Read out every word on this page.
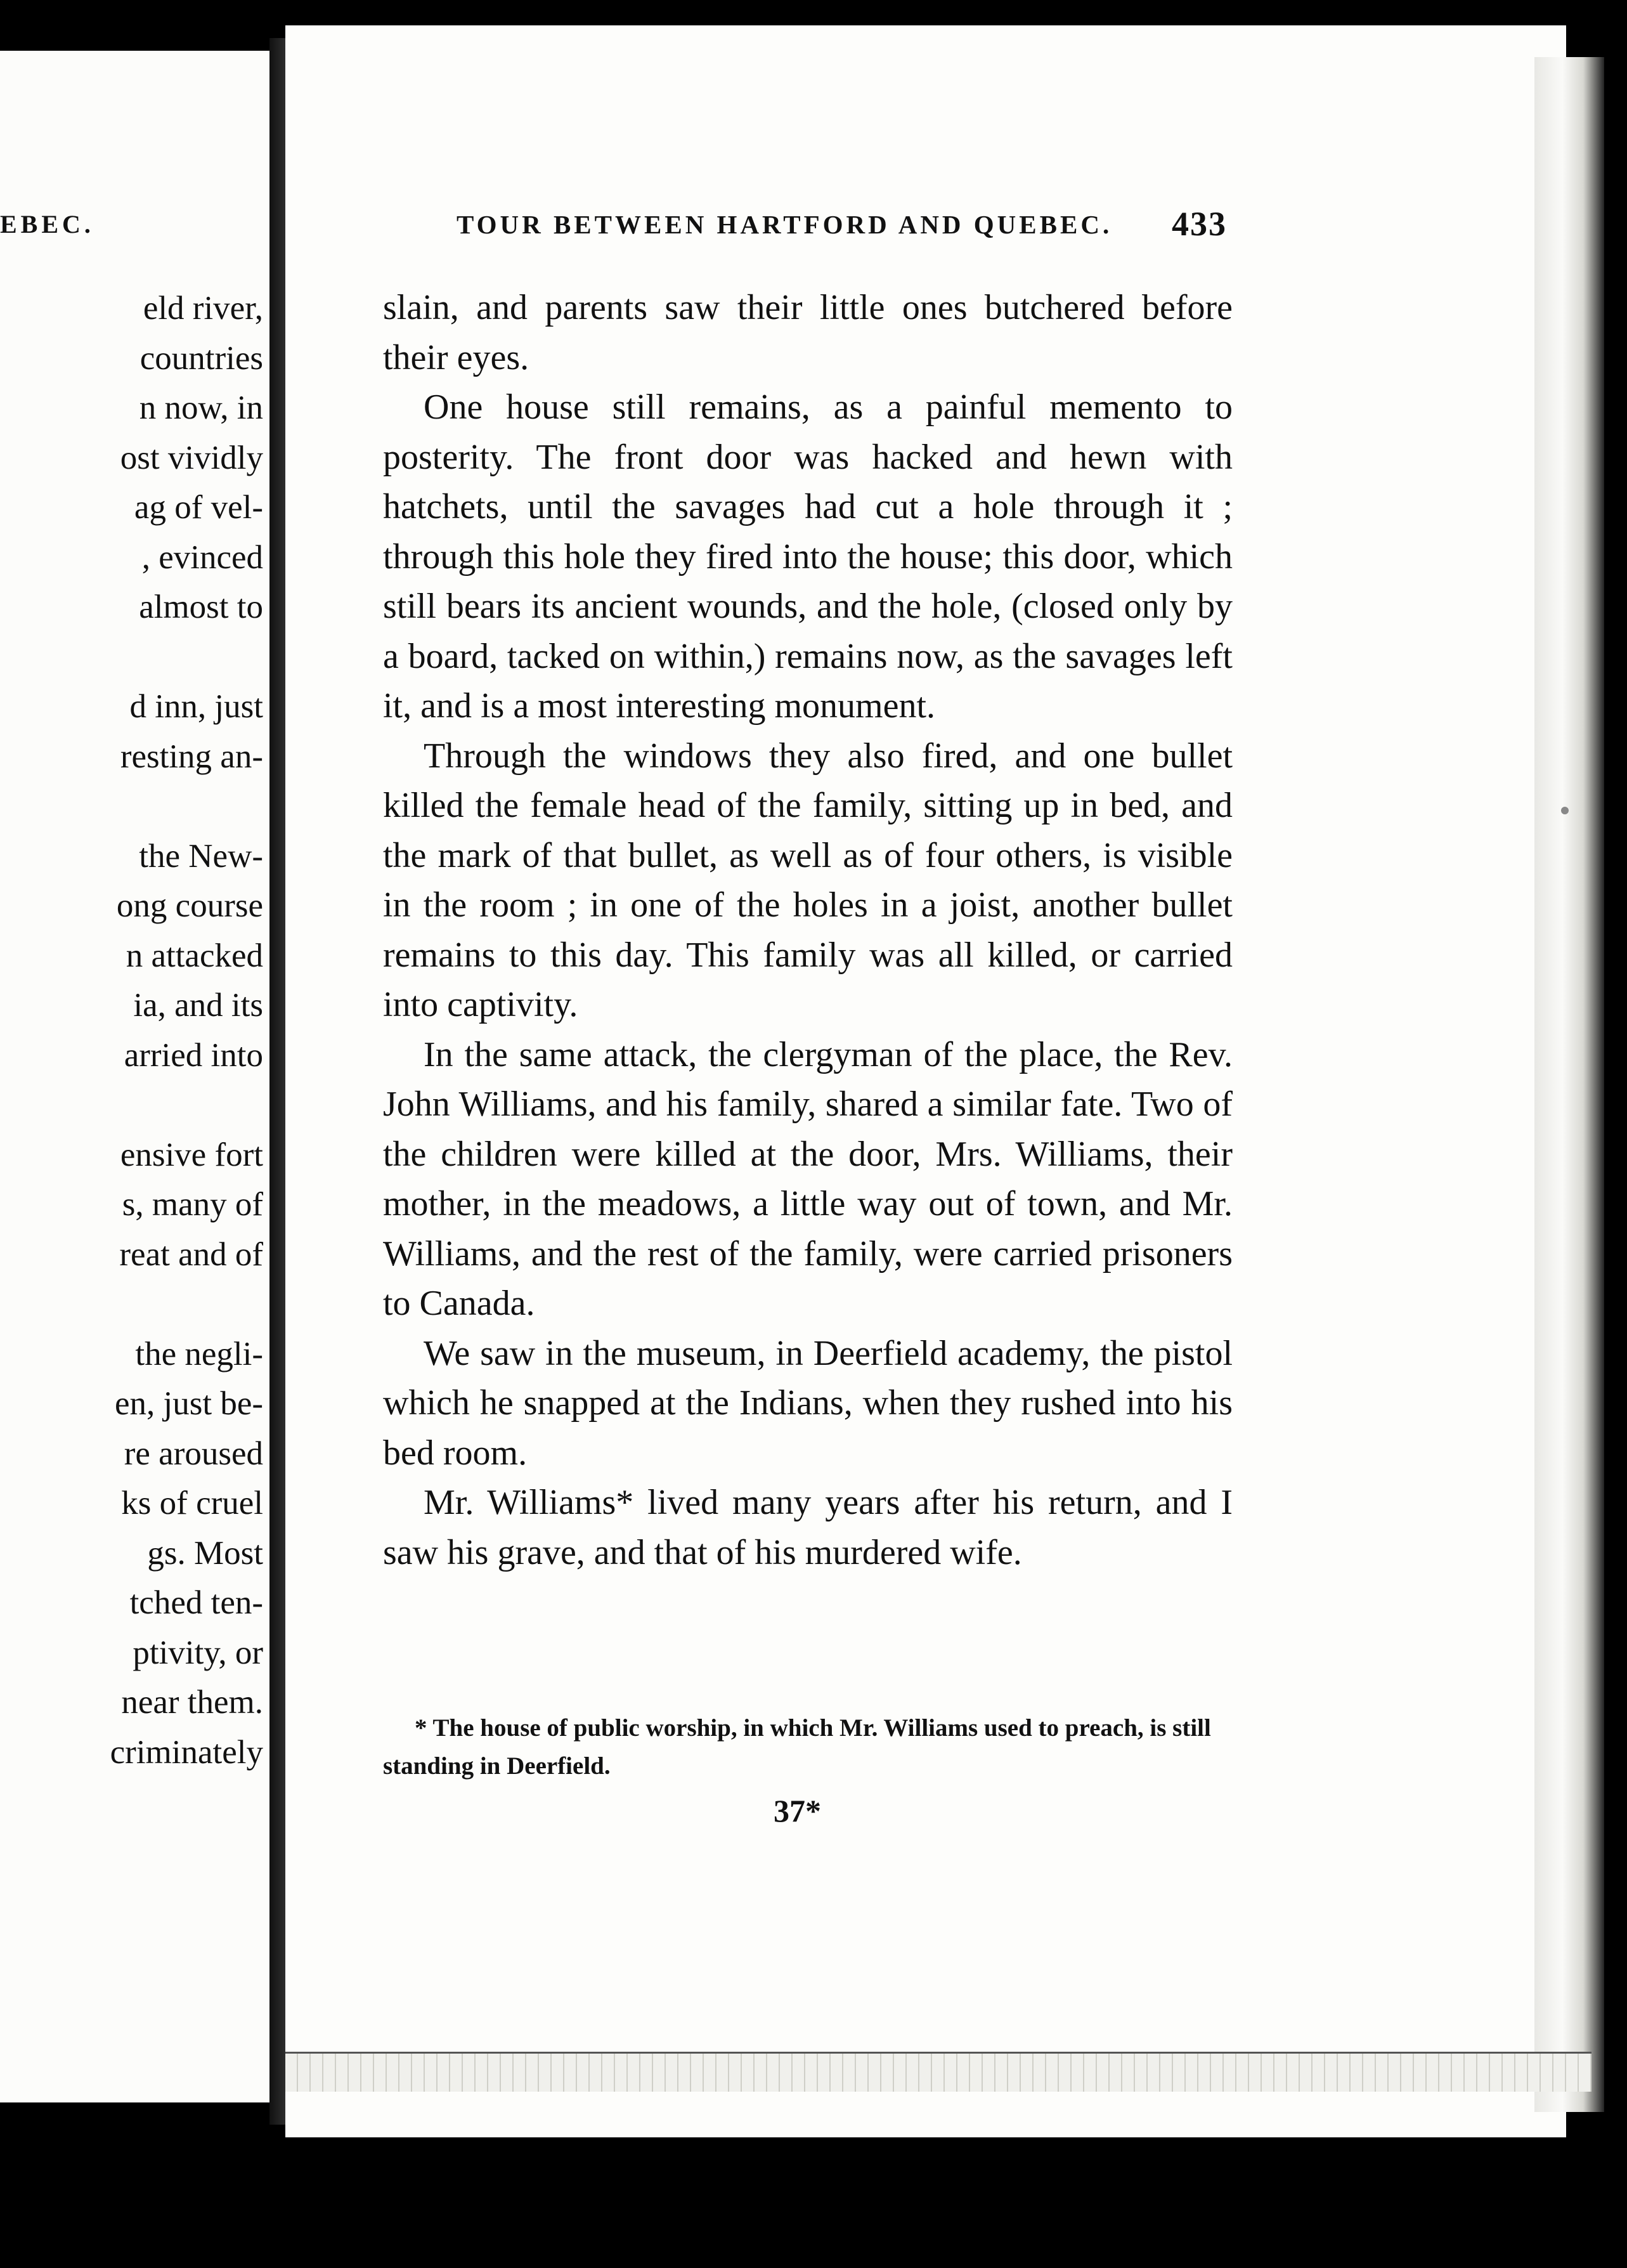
EBEC.
eld river,
countries
n now, in
ost vividly
ag of vel-
, evinced
almost to
d inn, just
resting an-
the New-
ong course
n attacked
ia, and its
arried into
ensive fort
s, many of
reat and of
the negli-
en, just be-
re aroused
ks of cruel
gs. Most
tched ten-
ptivity, or
near them.
criminately
TOUR BETWEEN HARTFORD AND QUEBEC.	433

slain, and parents saw their little ones butchered before their eyes.

One house still remains, as a painful memento to posterity. The front door was hacked and hewn with hatchets, until the savages had cut a hole through it ; through this hole they fired into the house; this door, which still bears its ancient wounds, and the hole, (closed only by a board, tacked on within,) remains now, as the savages left it, and is a most interesting monument.

Through the windows they also fired, and one bullet killed the female head of the family, sitting up in bed, and the mark of that bullet, as well as of four others, is visible in the room ; in one of the holes in a joist, another bullet remains to this day. This family was all killed, or carried into captivity.

In the same attack, the clergyman of the place, the Rev. John Williams, and his family, shared a similar fate. Two of the children were killed at the door, Mrs. Williams, their mother, in the meadows, a little way out of town, and Mr. Williams, and the rest of the family, were carried prisoners to Canada.

We saw in the museum, in Deerfield academy, the pistol which he snapped at the Indians, when they rushed into his bed room.

Mr. Williams* lived many years after his return, and I saw his grave, and that of his murdered wife.

* The house of public worship, in which Mr. Williams used to preach, is still standing in Deerfield.

37*
